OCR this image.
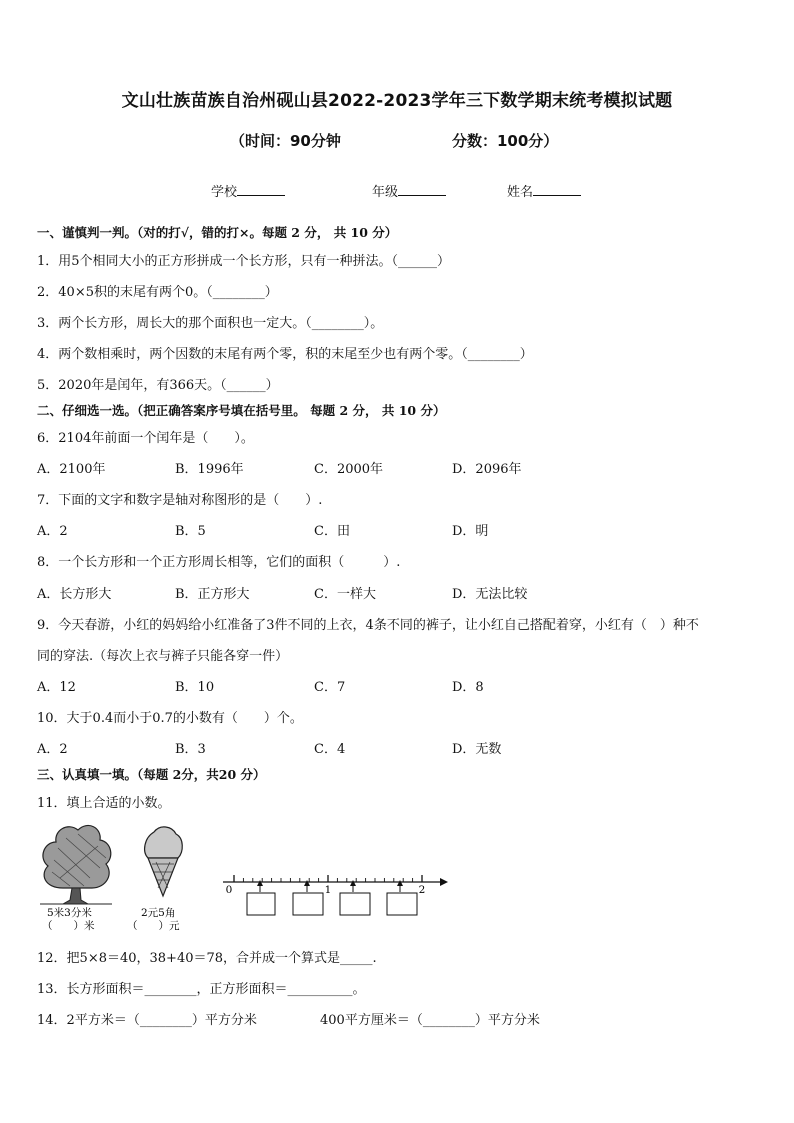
文山壮族苗族自治州砚山县2022-2023学年三下数学期末统考模拟试题
（时间：90分钟	分数：100分）
学校	年级	姓名
一、谨慎判一判。（对的打√，错的打×。每题 2 分， 共 10 分）
1．用5个相同大小的正方形拼成一个长方形，只有一种拼法。（______）
2．40×5积的末尾有两个0。（________）
3．两个长方形，周长大的那个面积也一定大。（________）。
4．两个数相乘时，两个因数的末尾有两个零，积的末尾至少也有两个零。（________）
5．2020年是闰年，有366天。（______）
二、仔细选一选。（把正确答案序号填在括号里。 每题 2 分， 共 10 分）
6．2104年前面一个闰年是（　　）。
A．2100年	B．1996年	C．2000年	D．2096年
7．下面的文字和数字是轴对称图形的是（　　）.
A．2	B．5	C．田	D．明
8．一个长方形和一个正方形周长相等，它们的面积（　　　）.
A．长方形大	B．正方形大	C．一样大	D．无法比较
9．今天春游，小红的妈妈给小红准备了3件不同的上衣，4条不同的裤子，让小红自己搭配着穿，小红有（　）种不
同的穿法.（每次上衣与裤子只能各穿一件）
A．12	B．10	C．7	D．8
10．大于0.4而小于0.7的小数有（　　）个。
A．2	B．3	C．4	D．无数
三、认真填一填。（每题 2分，共20 分）
11．填上合适的小数。
5米3分米
（　　）米
2元5角
（　　）元
0	1	2
12．把5×8＝40，38+40＝78，合并成一个算式是_____.
13．长方形面积＝________，正方形面积＝__________。
14．2平方米＝（________）平方分米	400平方厘米＝（________）平方分米
